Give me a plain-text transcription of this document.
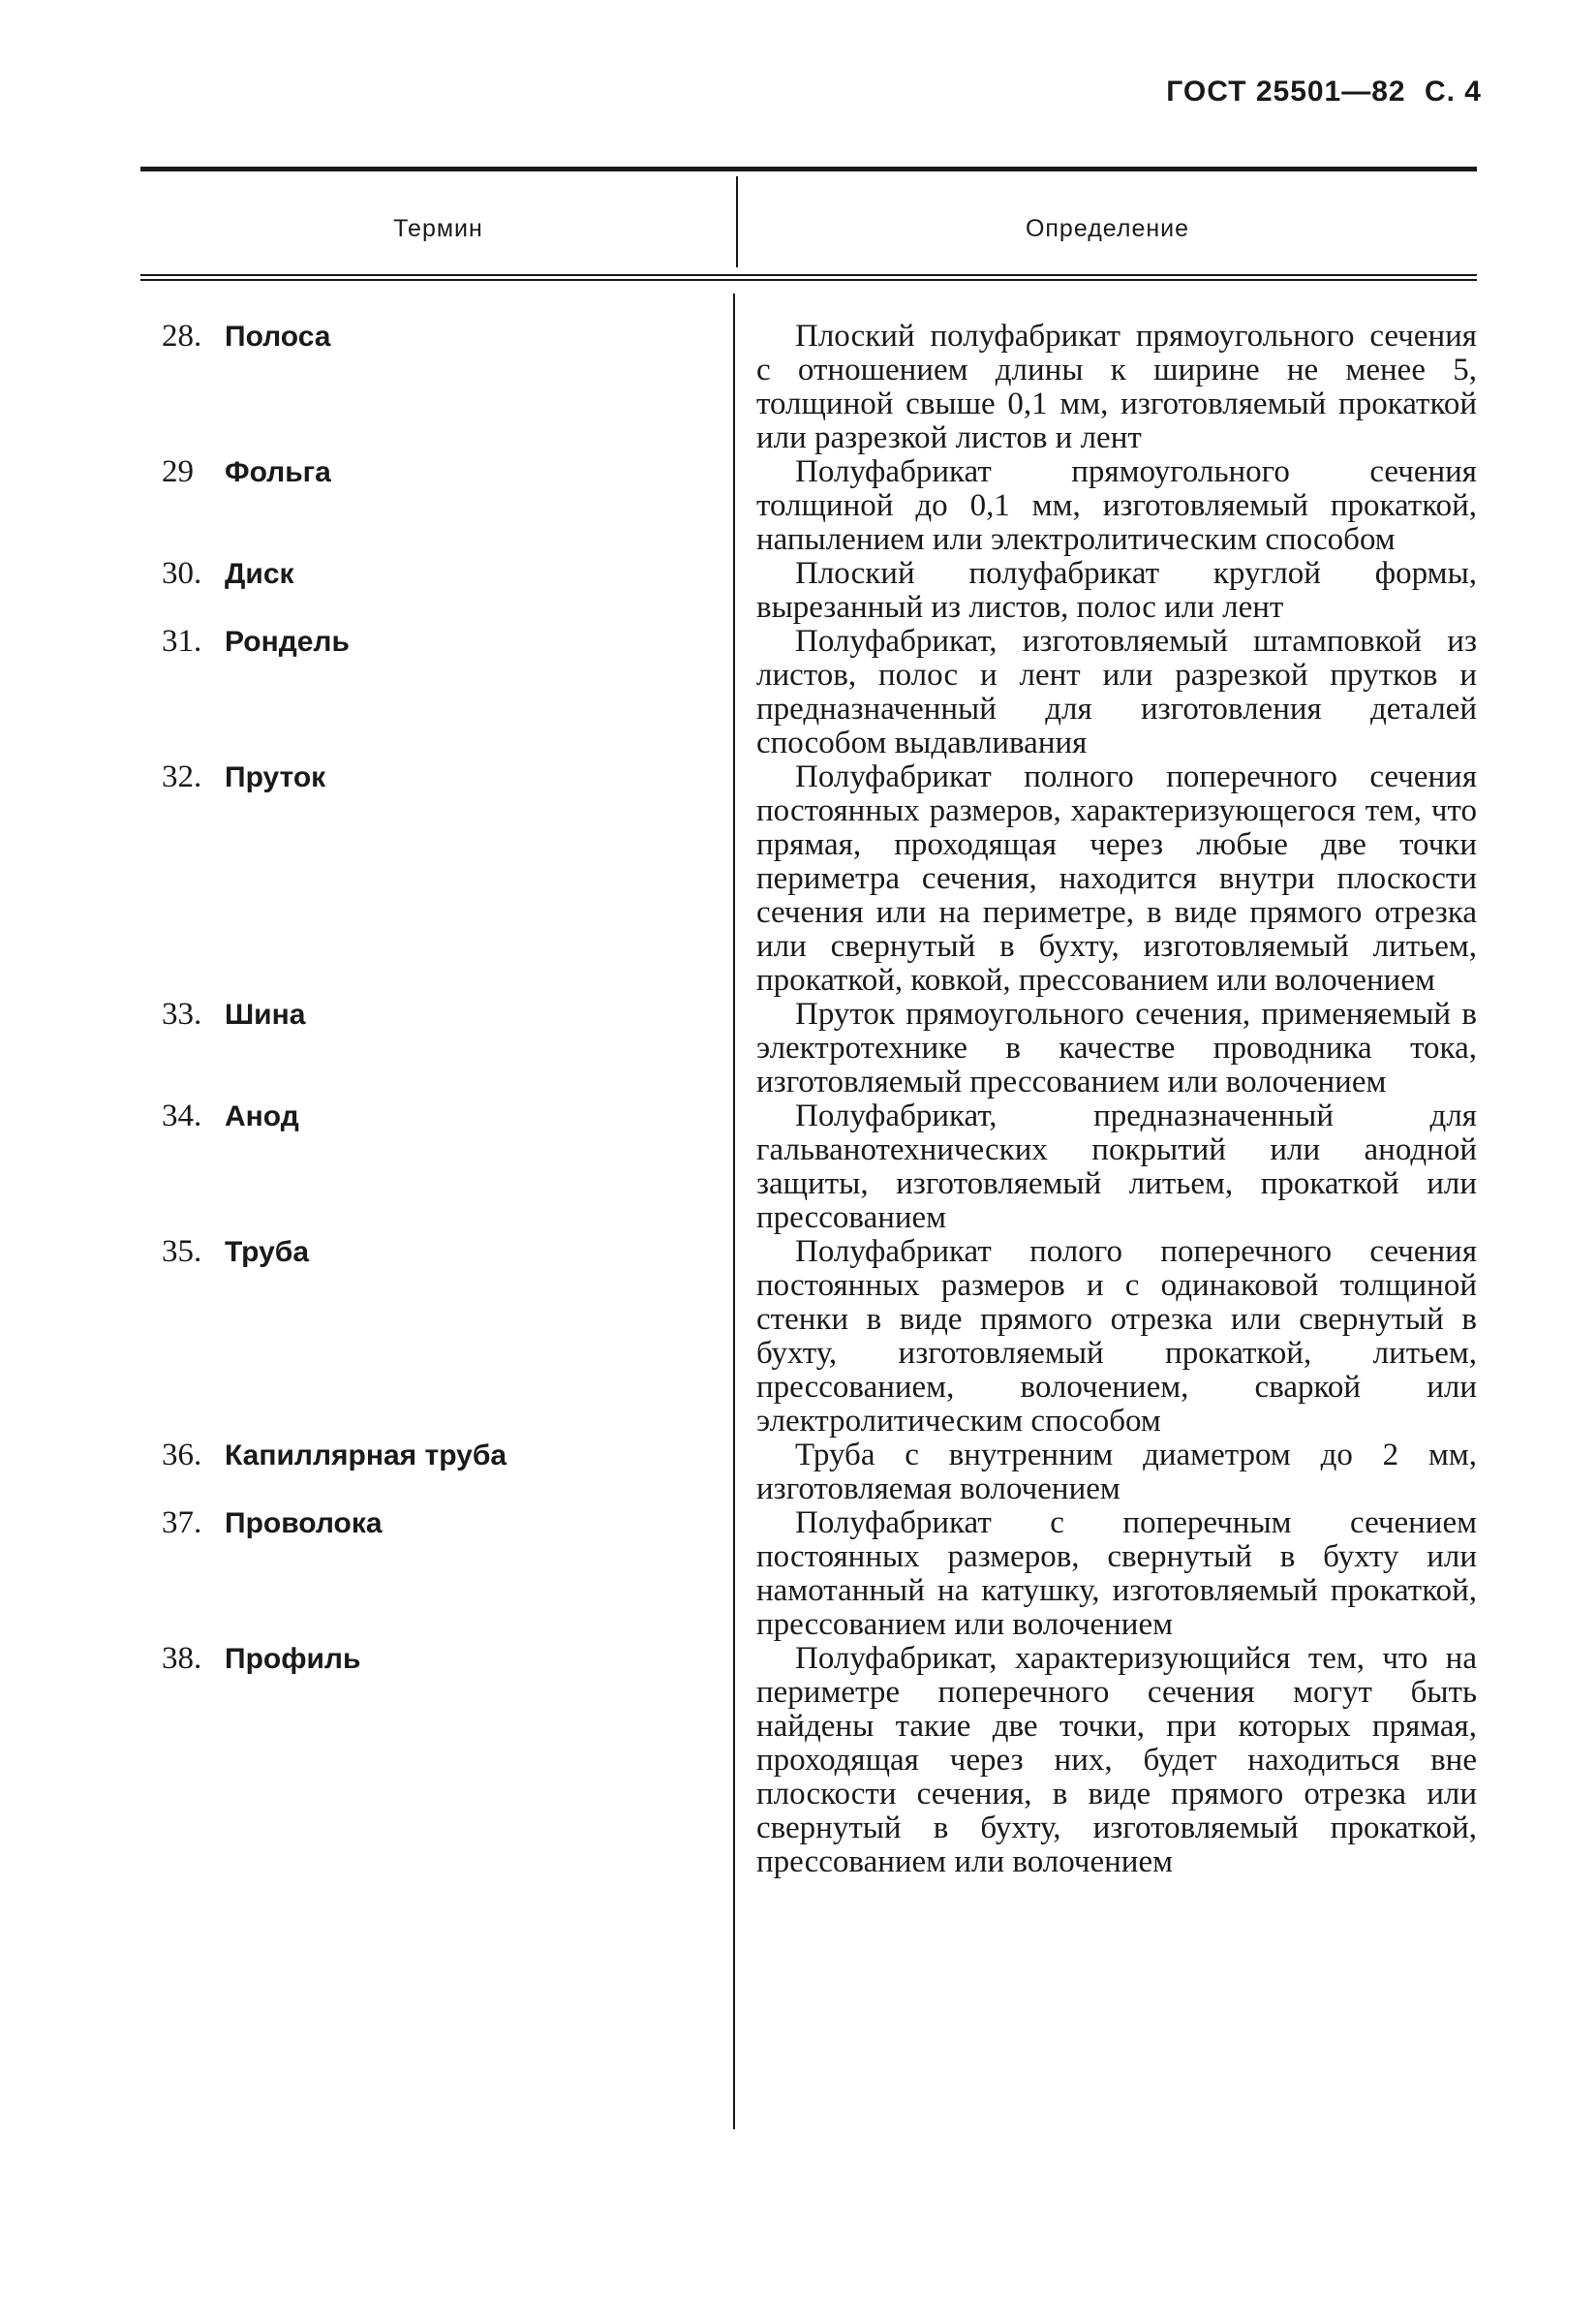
ГОСТ 25501—82 С. 4
Термин	Определение
28. Полоса	Плоский полуфабрикат прямоугольного сечения с отношением длины к ширине не менее 5, толщиной свыше 0,1 мм, изготовляемый прокаткой или разрезкой листов и лент
29 Фольга	Полуфабрикат прямоугольного сечения толщиной до 0,1 мм, изготовляемый прокаткой, напылением или электролитическим способом
30. Диск	Плоский полуфабрикат круглой формы, вырезанный из листов, полос или лент
31. Рондель	Полуфабрикат, изготовляемый штамповкой из листов, полос и лент или разрезкой прутков и предназначенный для изготовления деталей способом выдавливания
32. Пруток	Полуфабрикат полного поперечного сечения постоянных размеров, характеризующегося тем, что прямая, проходящая через любые две точки периметра сечения, находится внутри плоскости сечения или на периметре, в виде прямого отрезка или свернутый в бухту, изготовляемый литьем, прокаткой, ковкой, прессованием или волочением
33. Шина	Пруток прямоугольного сечения, применяемый в электротехнике в качестве проводника тока, изготовляемый прессованием или волочением
34. Анод	Полуфабрикат, предназначенный для гальванотехнических покрытий или анодной защиты, изготовляемый литьем, прокаткой или прессованием
35. Труба	Полуфабрикат полого поперечного сечения постоянных размеров и с одинаковой толщиной стенки в виде прямого отрезка или свернутый в бухту, изготовляемый прокаткой, литьем, прессованием, волочением, сваркой или электролитическим способом
36. Капиллярная труба	Труба с внутренним диаметром до 2 мм, изготовляемая волочением
37. Проволока	Полуфабрикат с поперечным сечением постоянных размеров, свернутый в бухту или намотанный на катушку, изготовляемый прокаткой, прессованием или волочением
38. Профиль	Полуфабрикат, характеризующийся тем, что на периметре поперечного сечения могут быть найдены такие две точки, при которых прямая, проходящая через них, будет находиться вне плоскости сечения, в виде прямого отрезка или свернутый в бухту, изготовляемый прокаткой, прессованием или волочением
